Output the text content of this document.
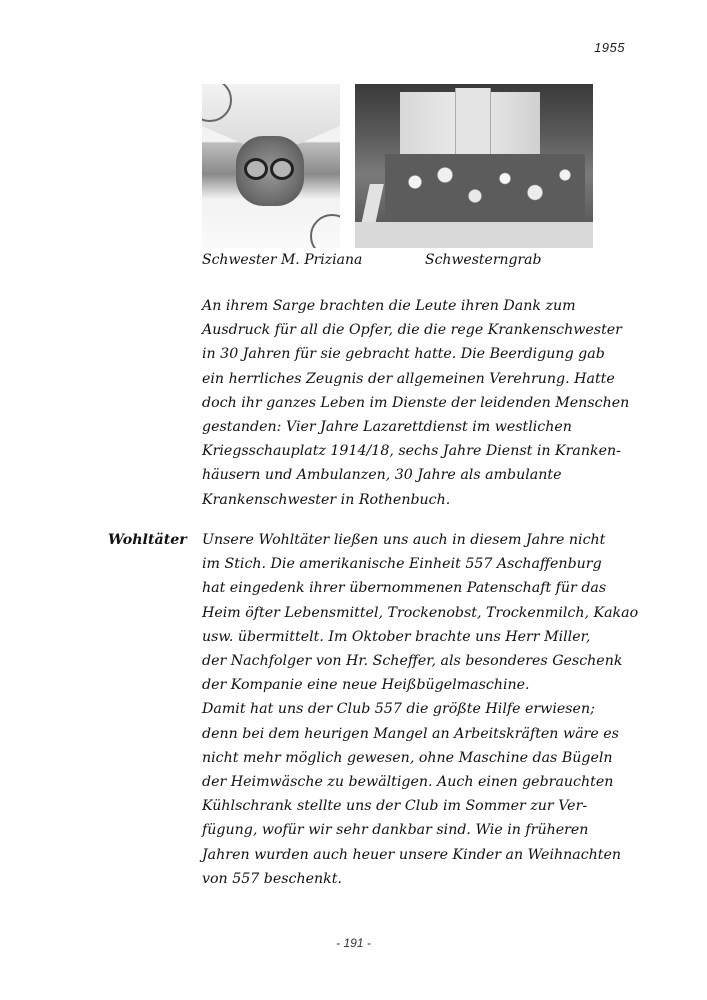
1955
Schwester M. Priziana	Schwesterngrab

An ihrem Sarge brachten die Leute ihren Dank zum

Ausdruck für all die Opfer, die die rege Krankenschwester

in 30 Jahren für sie gebracht hatte. Die Beerdigung gab

ein herrliches Zeugnis der allgemeinen Verehrung. Hatte

doch ihr ganzes Leben im Dienste der leidenden Menschen

gestanden: Vier Jahre Lazarettdienst im westlichen

Kriegsschauplatz 1914/18, sechs Jahre Dienst in Kranken-

häusern und Ambulanzen, 30 Jahre als ambulante

Krankenschwester in Rothenbuch.

Wohltäter Unsere Wohltäter ließen uns auch in diesem Jahre nicht

im Stich. Die amerikanische Einheit 557 Aschaffenburg

hat eingedenk ihrer übernommenen Patenschaft für das

Heim öfter Lebensmittel, Trockenobst, Trockenmilch, Kakao

usw. übermittelt. Im Oktober brachte uns Herr Miller,

der Nachfolger von Hr. Scheffer, als besonderes Geschenk

der Kompanie eine neue Heißbügelmaschine.

Damit hat uns der Club 557 die größte Hilfe erwiesen;

denn bei dem heurigen Mangel an Arbeitskräften wäre es

nicht mehr möglich gewesen, ohne Maschine das Bügeln

der Heimwäsche zu bewältigen. Auch einen gebrauchten

Kühlschrank stellte uns der Club im Sommer zur Ver-

fügung, wofür wir sehr dankbar sind. Wie in früheren

Jahren wurden auch heuer unsere Kinder an Weihnachten

von 557 beschenkt.

- 191 -
